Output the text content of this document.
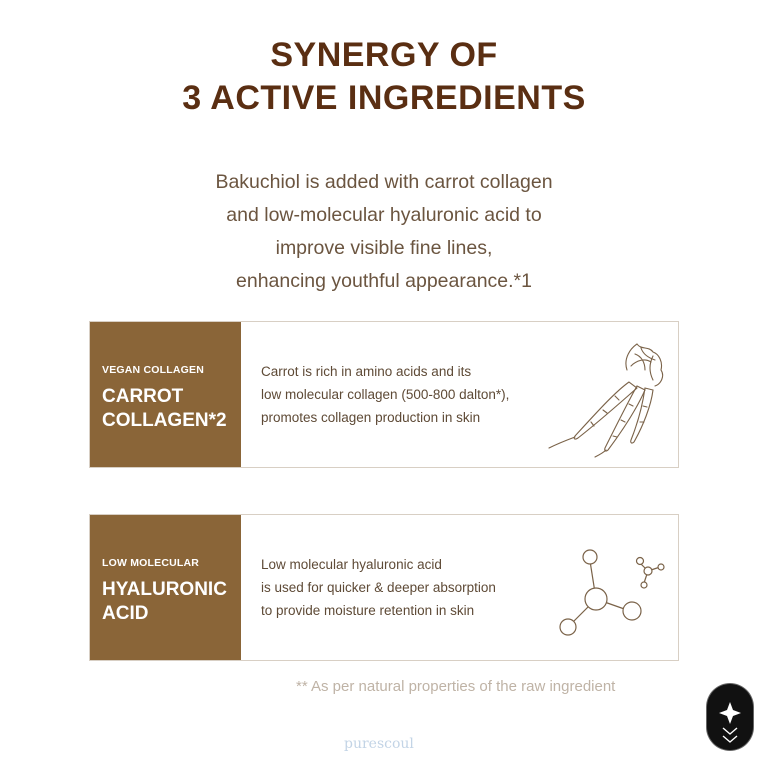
SYNERGY OF
3 ACTIVE INGREDIENTS
Bakuchiol is added with carrot collagen
and low-molecular hyaluronic acid to
improve visible fine lines,
enhancing youthful appearance.*1
VEGAN COLLAGEN
CARROT
COLLAGEN*2
Carrot is rich in amino acids and its
low molecular collagen (500-800 dalton*),
promotes collagen production in skin
LOW MOLECULAR
HYALURONIC
ACID
Low molecular hyaluronic acid
is used for quicker & deeper absorption
to provide moisture retention in skin
** As per natural properties of the raw ingredient
purescoul
